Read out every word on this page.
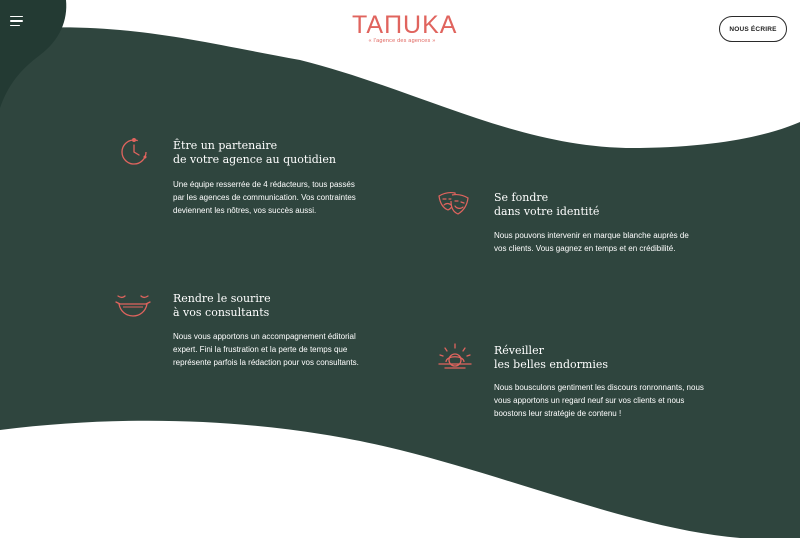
TAПUKA
« l'agence des agences »
NOUS ÉCRIRE
Être un partenaire
de votre agence au quotidien
Une équipe resserrée de 4 rédacteurs, tous passés par les agences de communication. Vos contraintes deviennent les nôtres, vos succès aussi.
Se fondre
dans votre identité
Nous pouvons intervenir en marque blanche auprès de vos clients. Vous gagnez en temps et en crédibilité.
Rendre le sourire
à vos consultants
Nous vous apportons un accompagnement éditorial expert. Fini la frustration et la perte de temps que représente parfois la rédaction pour vos consultants.
Réveiller
les belles endormies
Nous bousculons gentiment les discours ronronnants, nous vous apportons un regard neuf sur vos clients et nous boostons leur stratégie de contenu !
